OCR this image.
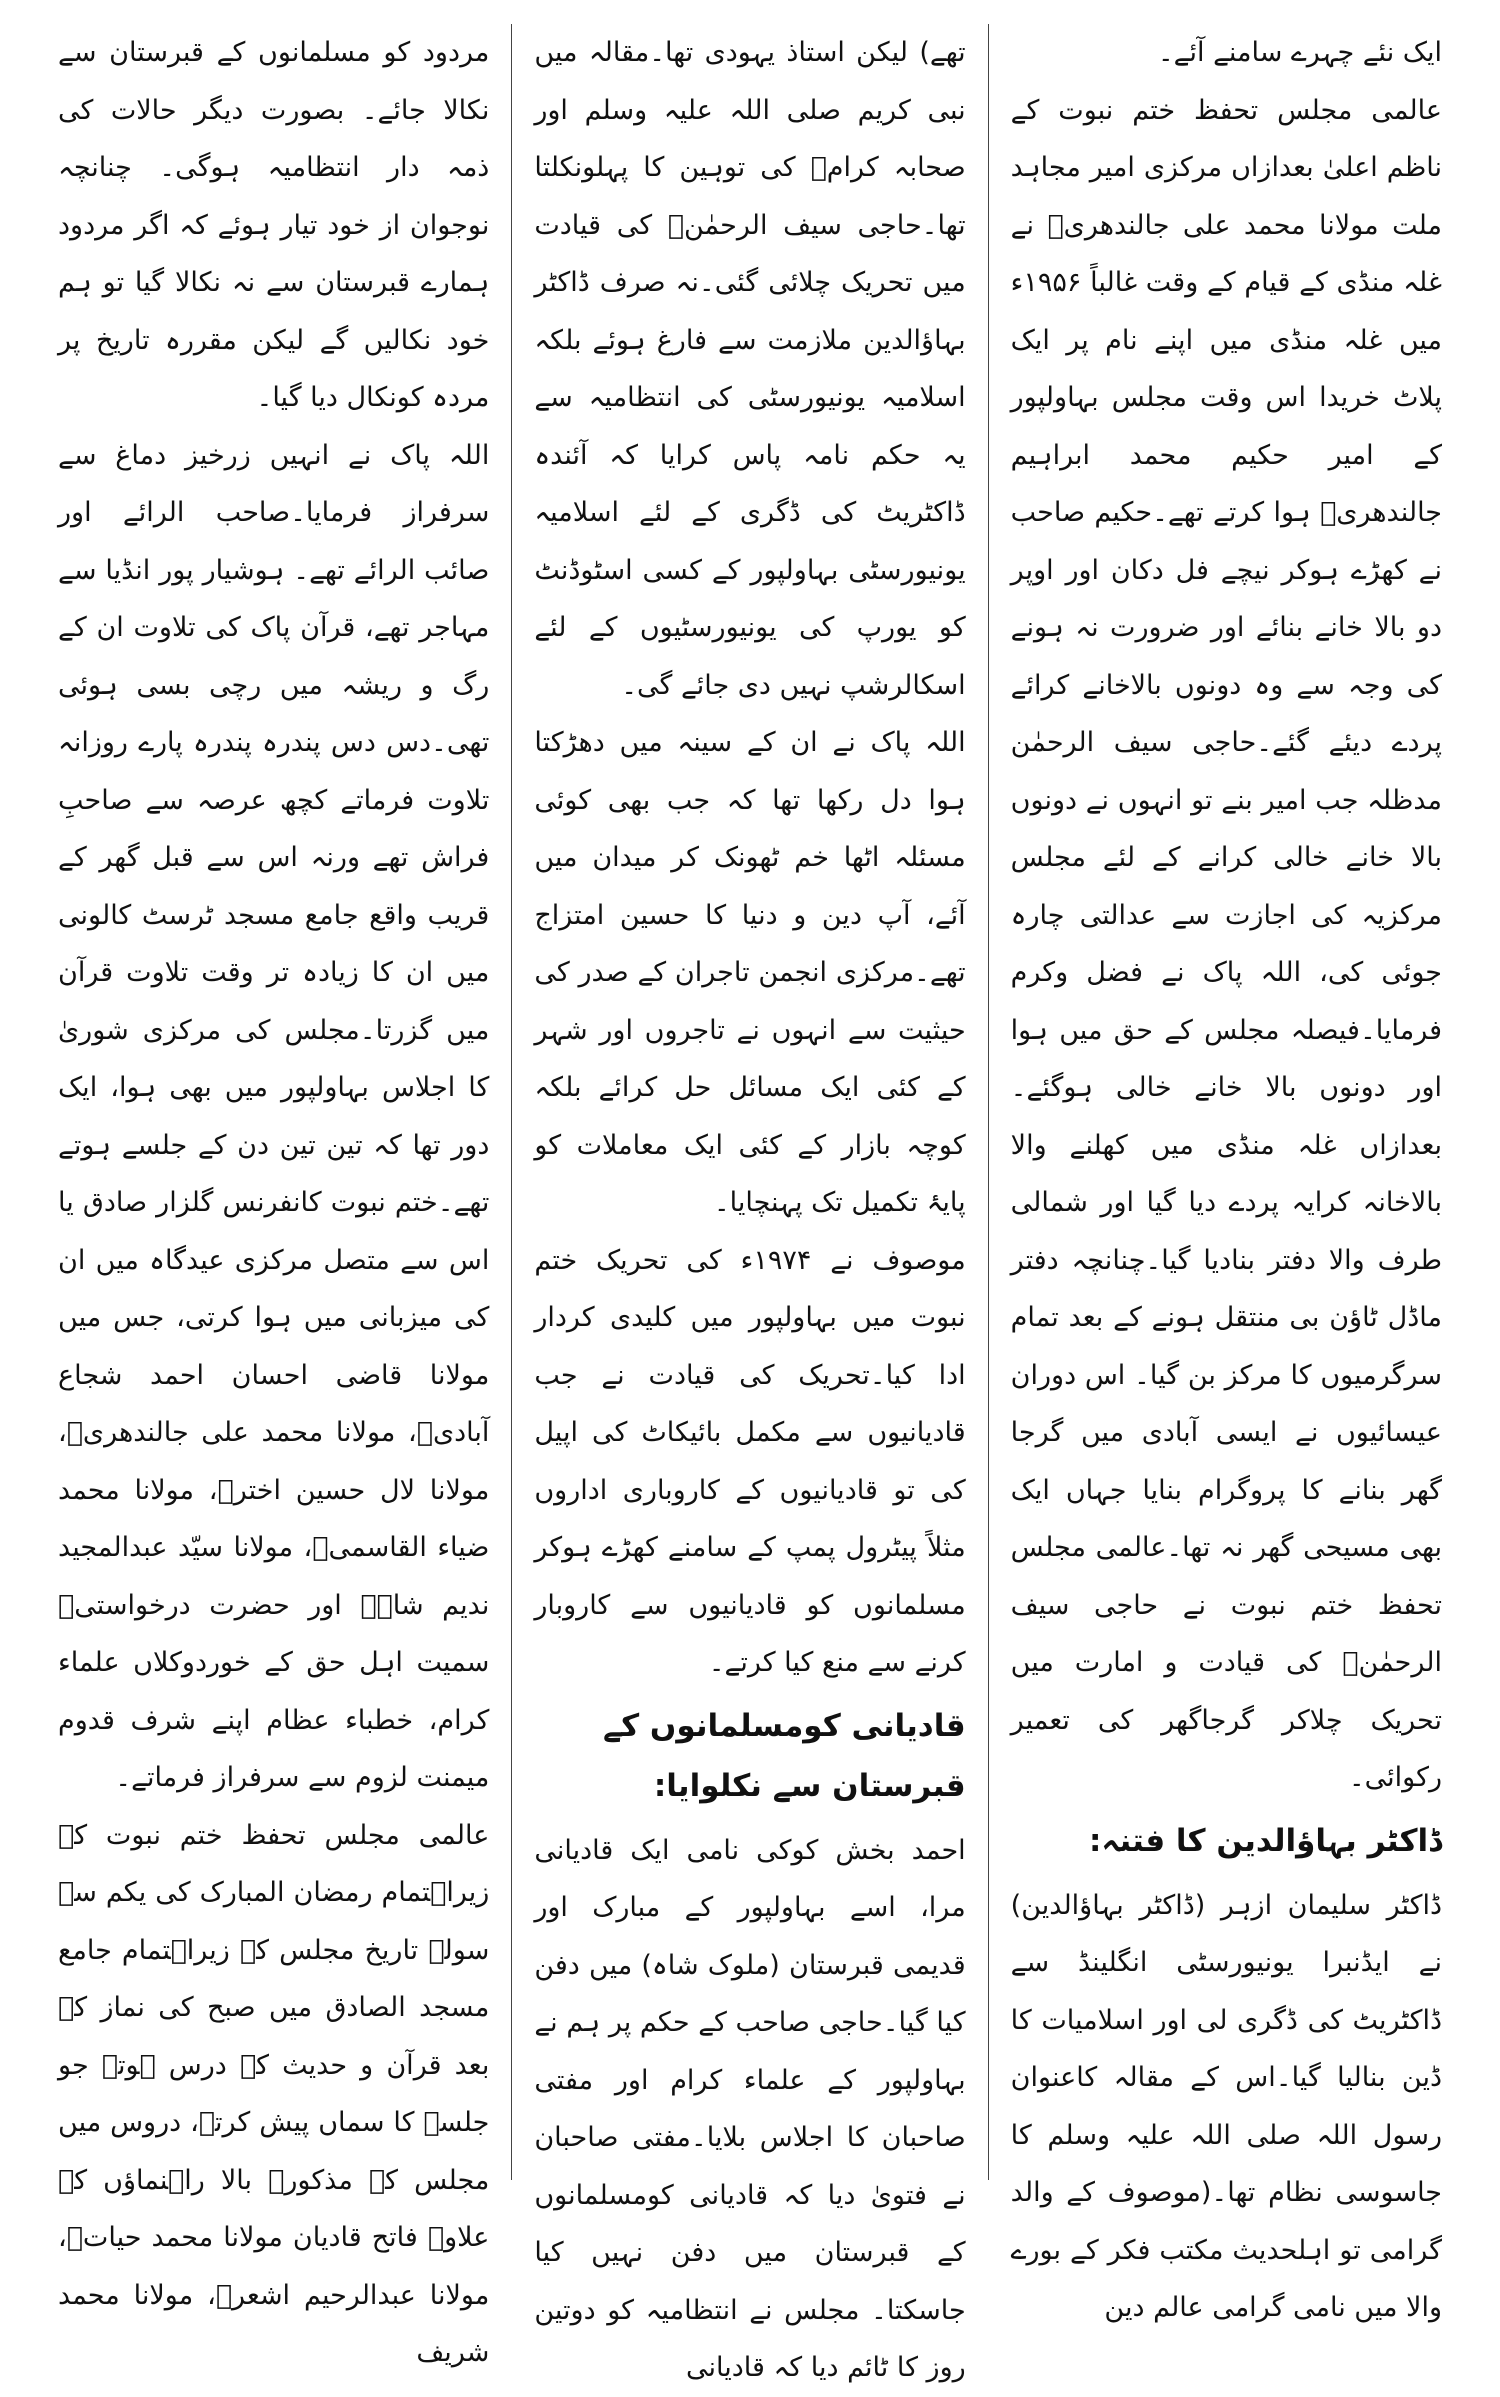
ایک نئے چہرے سامنے آئے۔

عالمی مجلس تحفظ ختم نبوت کے ناظم اعلیٰ بعدازاں مرکزی امیر مجاہد ملت مولانا محمد علی جالندھریؒ نے غلہ منڈی کے قیام کے وقت غالباً ۱۹۵۶ء میں غلہ منڈی میں اپنے نام پر ایک پلاٹ خریدا اس وقت مجلس بہاولپور کے امیر حکیم محمد ابراہیم جالندھریؒ ہوا کرتے تھے۔حکیم صاحب نے کھڑے ہوکر نیچے فل دکان اور اوپر دو بالا خانے بنائے اور ضرورت نہ ہونے کی وجہ سے وہ دونوں بالاخانے کرائے پردے دیئے گئے۔حاجی سیف الرحمٰن مدظلہ جب امیر بنے تو انہوں نے دونوں بالا خانے خالی کرانے کے لئے مجلس مرکزیہ کی اجازت سے عدالتی چارہ جوئی کی، اللہ پاک نے فضل وکرم فرمایا۔فیصلہ مجلس کے حق میں ہوا اور دونوں بالا خانے خالی ہوگئے۔بعدازاں غلہ منڈی میں کھلنے والا بالاخانہ کرایہ پردے دیا گیا اور شمالی طرف والا دفتر بنادیا گیا۔چنانچہ دفتر ماڈل ٹاؤن بی منتقل ہونے کے بعد تمام سرگرمیوں کا مرکز بن گیا۔ اس دوران عیسائیوں نے ایسی آبادی میں گرجا گھر بنانے کا پروگرام بنایا جہاں ایک بھی مسیحی گھر نہ تھا۔عالمی مجلس تحفظ ختم نبوت نے حاجی سیف الرحمٰنؒ کی قیادت و امارت میں تحریک چلاکر گرجاگھر کی تعمیر رکوائی۔

ڈاکٹر بہاؤالدین کا فتنہ:

ڈاکٹر سلیمان ازہر (ڈاکٹر بہاؤالدین) نے ایڈنبرا یونیورسٹی انگلینڈ سے ڈاکٹریٹ کی ڈگری لی اور اسلامیات کا ڈین بنالیا گیا۔اس کے مقالہ کاعنوان رسول اللہ صلی اللہ علیہ وسلم کا جاسوسی نظام تھا۔(موصوف کے والد گرامی تو اہلحدیث مکتب فکر کے بورے والا میں نامی گرامی عالم دین

تھے) لیکن استاذ یہودی تھا۔مقالہ میں نبی کریم صلی اللہ علیہ وسلم اور صحابہ کرامؓ کی توہین کا پہلونکلتا تھا۔حاجی سیف الرحمٰنؒ کی قیادت میں تحریک چلائی گئی۔نہ صرف ڈاکٹر بہاؤالدین ملازمت سے فارغ ہوئے بلکہ اسلامیہ یونیورسٹی کی انتظامیہ سے یہ حکم نامہ پاس کرایا کہ آئندہ ڈاکٹریٹ کی ڈگری کے لئے اسلامیہ یونیورسٹی بہاولپور کے کسی اسٹوڈنٹ کو یورپ کی یونیورسٹیوں کے لئے اسکالرشپ نہیں دی جائے گی۔

اللہ پاک نے ان کے سینہ میں دھڑکتا ہوا دل رکھا تھا کہ جب بھی کوئی مسئلہ اٹھا خم ٹھونک کر میدان میں آئے، آپ دین و دنیا کا حسین امتزاج تھے۔مرکزی انجمن تاجران کے صدر کی حیثیت سے انہوں نے تاجروں اور شہر کے کئی ایک مسائل حل کرائے بلکہ کوچہ بازار کے کئی ایک معاملات کو پایۂ تکمیل تک پہنچایا۔

موصوف نے ۱۹۷۴ء کی تحریک ختم نبوت میں بہاولپور میں کلیدی کردار ادا کیا۔تحریک کی قیادت نے جب قادیانیوں سے مکمل بائیکاٹ کی اپیل کی تو قادیانیوں کے کاروباری اداروں مثلاً پیٹرول پمپ کے سامنے کھڑے ہوکر مسلمانوں کو قادیانیوں سے کاروبار کرنے سے منع کیا کرتے۔

قادیانی کومسلمانوں کے قبرستان سے نکلوایا:

احمد بخش کوکی نامی ایک قادیانی مرا، اسے بہاولپور کے مبارک اور قدیمی قبرستان (ملوک شاہ) میں دفن کیا گیا۔حاجی صاحب کے حکم پر ہم نے بہاولپور کے علماء کرام اور مفتی صاحبان کا اجلاس بلایا۔مفتی صاحبان نے فتویٰ دیا کہ قادیانی کومسلمانوں کے قبرستان میں دفن نہیں کیا جاسکتا۔ مجلس نے انتظامیہ کو دوتین روز کا ٹائم دیا کہ قادیانی

مردود کو مسلمانوں کے قبرستان سے نکالا جائے۔ بصورت دیگر حالات کی ذمہ دار انتظامیہ ہوگی۔ چنانچہ نوجوان از خود تیار ہوئے کہ اگر مردود ہمارے قبرستان سے نہ نکالا گیا تو ہم خود نکالیں گے لیکن مقررہ تاریخ پر مردہ کونکال دیا گیا۔

اللہ پاک نے انہیں زرخیز دماغ سے سرفراز فرمایا۔صاحب الرائے اور صائب الرائے تھے۔ ہوشیار پور انڈیا سے مہاجر تھے، قرآن پاک کی تلاوت ان کے رگ و ریشہ میں رچی بسی ہوئی تھی۔دس دس پندرہ پندرہ پارے روزانہ تلاوت فرماتے کچھ عرصہ سے صاحبِ فراش تھے ورنہ اس سے قبل گھر کے قریب واقع جامع مسجد ٹرسٹ کالونی میں ان کا زیادہ تر وقت تلاوت قرآن میں گزرتا۔مجلس کی مرکزی شوریٰ کا اجلاس بہاولپور میں بھی ہوا، ایک دور تھا کہ تین تین دن کے جلسے ہوتے تھے۔ختم نبوت کانفرنس گلزار صادق یا اس سے متصل مرکزی عیدگاہ میں ان کی میزبانی میں ہوا کرتی، جس میں مولانا قاضی احسان احمد شجاع آبادیؒ، مولانا محمد علی جالندھریؒ، مولانا لال حسین اخترؒ، مولانا محمد ضیاء القاسمیؒ، مولانا سیّد عبدالمجید ندیم شاہؒ اور حضرت درخواستیؒ سمیت اہل حق کے خوردوکلاں علماء کرام، خطباء عظام اپنے شرف قدوم میمنت لزوم سے سرفراز فرماتے۔

عالمی مجلس تحفظ ختم نبوت کے زیراہتمام رمضان المبارک کی یکم سے سولہ تاریخ مجلس کے زیراہتمام جامع مسجد الصادق میں صبح کی نماز کے بعد قرآن و حدیث کے درس ہوتے جو جلسہ کا سماں پیش کرتے، دروس میں مجلس کے مذکورہ بالا راہنماؤں کے علاوہ فاتح قادیان مولانا محمد حیاتؒ، مولانا عبدالرحیم اشعرؒ، مولانا محمد شریف
